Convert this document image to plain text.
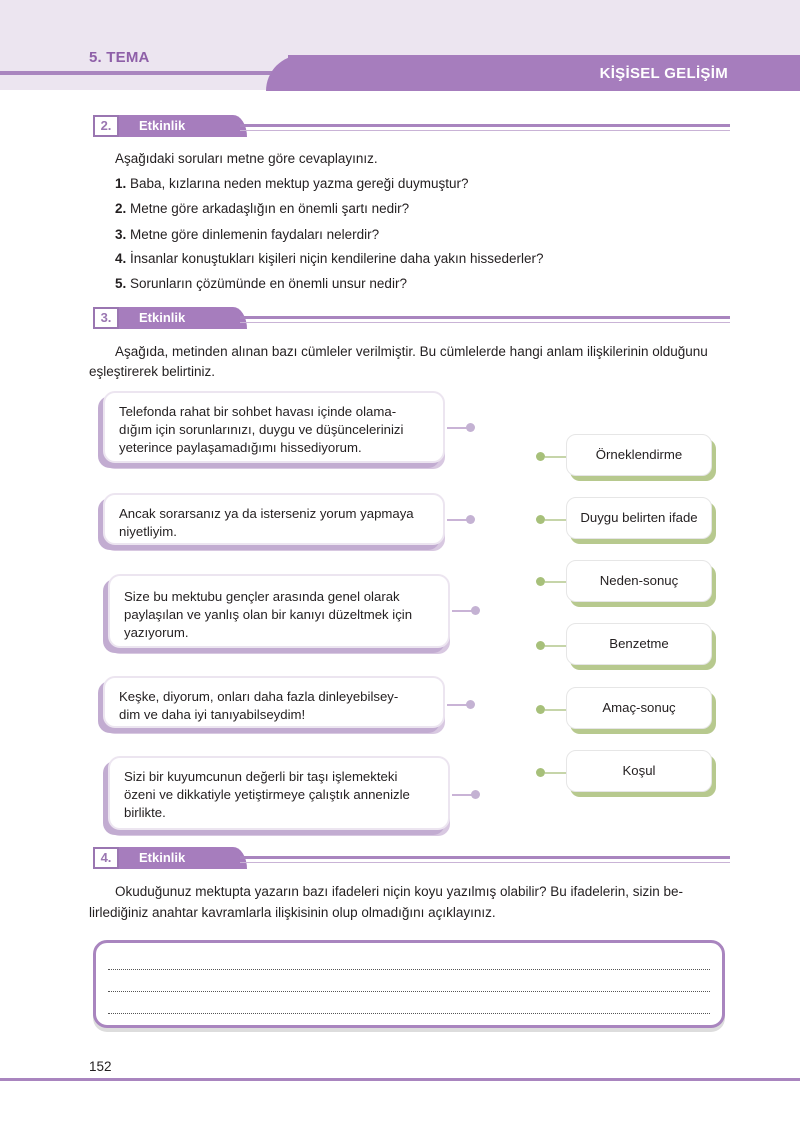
5. TEMA
KİŞİSEL GELİŞİM
2.	Etkinlik
Aşağıdaki soruları metne göre cevaplayınız.
1. Baba, kızlarına neden mektup yazma gereği duymuştur?
2. Metne göre arkadaşlığın en önemli şartı nedir?
3. Metne göre dinlemenin faydaları nelerdir?
4. İnsanlar konuştukları kişileri niçin kendilerine daha yakın hissederler?
5. Sorunların çözümünde en önemli unsur nedir?
3.	Etkinlik
Aşağıda, metinden alınan bazı cümleler verilmiştir. Bu cümlelerde hangi anlam ilişkilerinin olduğunu
eşleştirerek belirtiniz.
Telefonda rahat bir sohbet havası içinde olama-
dığım için sorunlarınızı, duygu ve düşüncelerinizi
yeterince paylaşamadığımı hissediyorum.
Ancak sorarsanız ya da isterseniz yorum yapmaya
niyetliyim.
Size bu mektubu gençler arasında genel olarak
paylaşılan ve yanlış olan bir kanıyı düzeltmek için
yazıyorum.
Keşke, diyorum, onları daha fazla dinleyebilsey-
dim ve daha iyi tanıyabilseydim!
Sizi bir kuyumcunun değerli bir taşı işlemekteki
özeni ve dikkatiyle yetiştirmeye çalıştık annenizle
birlikte.
Örneklendirme
Duygu belirten ifade
Neden-sonuç
Benzetme
Amaç-sonuç
Koşul
4.	Etkinlik
Okuduğunuz mektupta yazarın bazı ifadeleri niçin koyu yazılmış olabilir? Bu ifadelerin, sizin be-
lirlediğiniz anahtar kavramlarla ilişkisinin olup olmadığını açıklayınız.
152
